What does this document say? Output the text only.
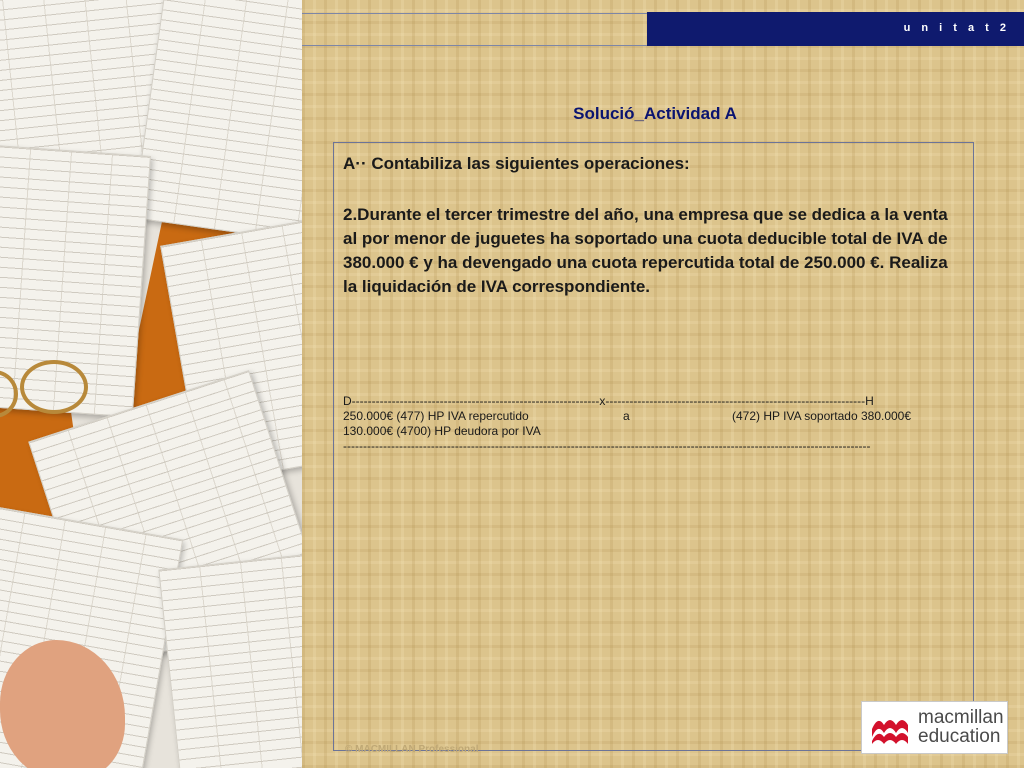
u n i t a t 2
Solució_Actividad A
A·· Contabiliza las siguientes operaciones:
2.Durante el tercer trimestre del año, una empresa que se dedica a la venta al por menor de juguetes ha soportado una cuota deducible total de IVA de 380.000 € y ha devengado una cuota repercutida total de 250.000 €. Realiza la liquidación de IVA correspondiente.
D--------------------------------------------------------------x-----------------------------------------------------------------H
250.000€ (477) HP IVA repercutido	a	(472) HP IVA soportado 380.000€
130.000€ (4700) HP deudora por IVA
------------------------------------------------------------------------------------------------------------------------------------
© MACMILLAN Professional
macmillan
education
